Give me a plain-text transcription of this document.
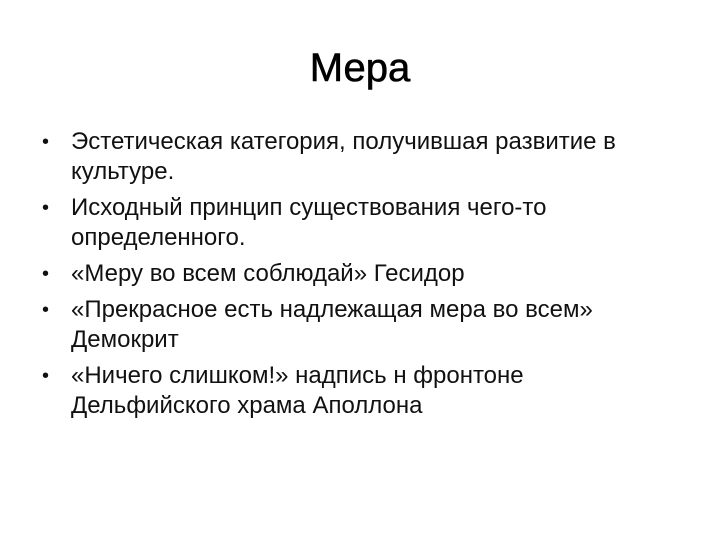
Мера
• Эстетическая категория, получившая развитие в культуре.
• Исходный принцип существования чего-то определенного.
• «Меру во всем соблюдай» Гесидор
• «Прекрасное есть надлежащая мера во всем» Демокрит
• «Ничего слишком!» надпись н фронтоне Дельфийского храма Аполлона
